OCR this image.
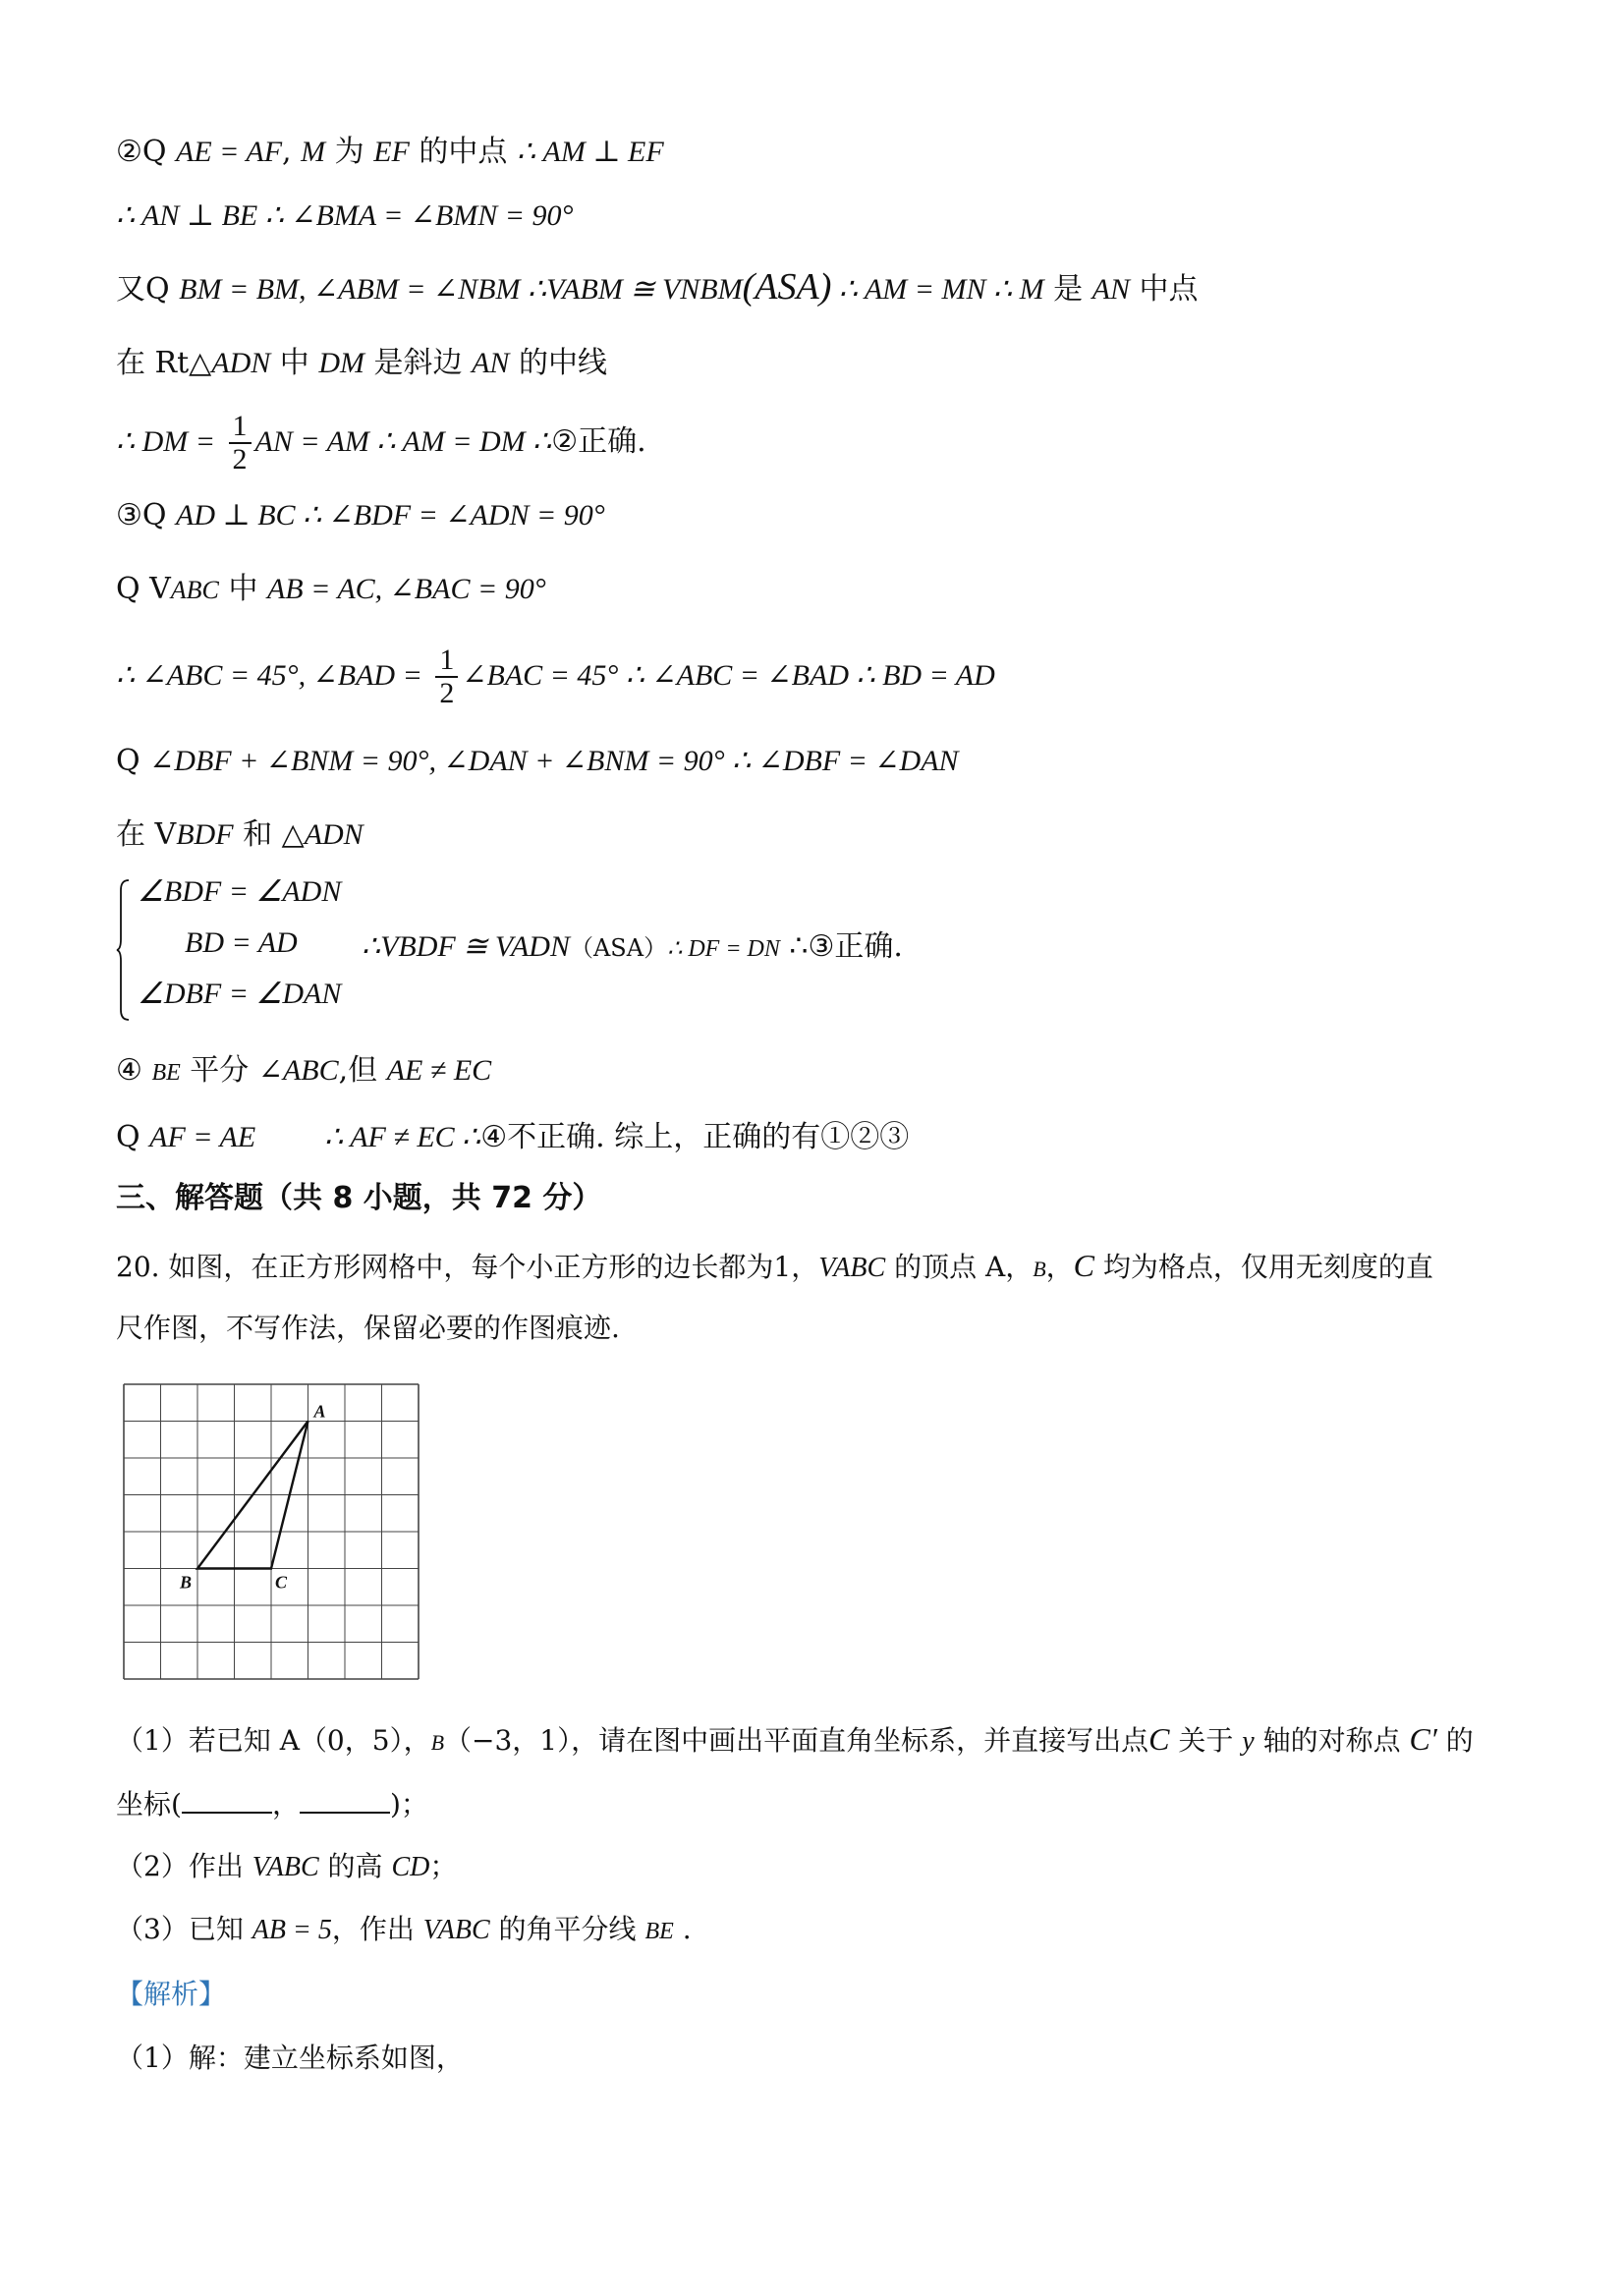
②Q AE = AF, M 为 EF 的中点 ∴ AM ⊥ EF
∴ AN ⊥ BE ∴ ∠BMA = ∠BMN = 90°
又Q BM = BM, ∠ABM = ∠NBM ∴VABM ≅ VNBM(ASA) ∴ AM = MN ∴ M 是 AN 中点
在 Rt△ADN 中 DM 是斜边 AN 的中线
∴ DM = $\frac{1}{2}$ AN = AM ∴ AM = DM ∴②正确.
③Q AD ⊥ BC ∴ ∠BDF = ∠ADN = 90°
Q VABC 中 AB = AC, ∠BAC = 90°
∴ ∠ABC = 45°, ∠BAD = $\frac{1}{2}$ ∠BAC = 45° ∴ ∠ABC = ∠BAD ∴ BD = AD
Q ∠DBF + ∠BNM = 90°, ∠DAN + ∠BNM = 90° ∴ ∠DBF = ∠DAN
在 VBDF 和 △ADN
∠BDF = ∠ADN
BD = AD
∠DBF = ∠DAN
∴VBDF ≅ VADN（ASA）∴ DF = DN ∴③正确.
④ BE 平分 ∠ABC,但 AE ≠ EC
Q AF = AE ∴ AF ≠ EC ∴④不正确. 综上，正确的有①②③
三、解答题（共 8 小题，共 72 分）
20. 如图，在正方形网格中，每个小正方形的边长都为1，VABC 的顶点 A，B，C 均为格点，仅用无刻度的直
尺作图，不写作法，保留必要的作图痕迹.
A
B	C
（1）若已知 A（0，5），B（−3，1），请在图中画出平面直角坐标系，并直接写出点C 关于 y 轴的对称点 C′ 的
坐标(	，	)；
（2）作出 VABC 的高 CD；
（3）已知 AB = 5，作出 VABC 的角平分线 BE .
【解析】
（1）解：建立坐标系如图，
